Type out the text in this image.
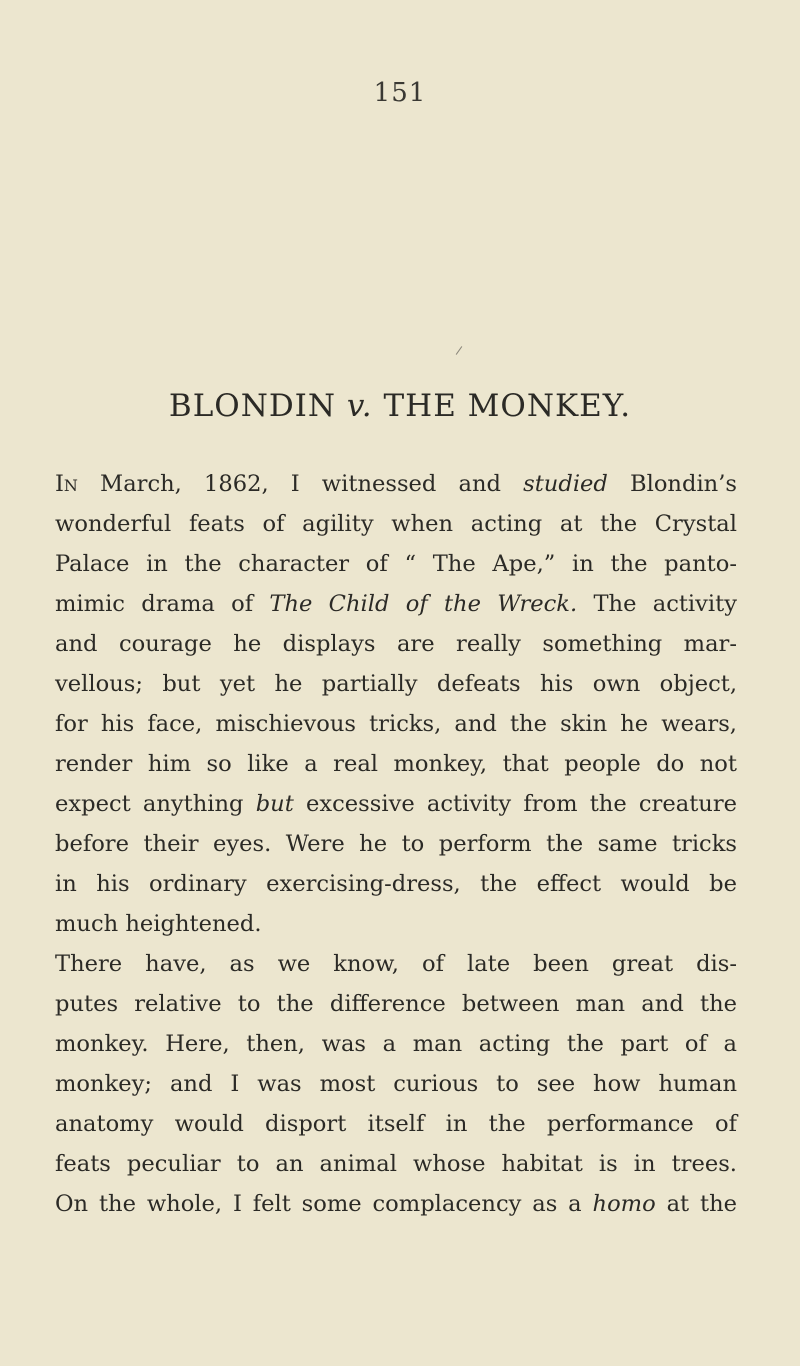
151
BLONDIN v. THE MONKEY.
In March, 1862, I witnessed and studied Blondin’s
wonderful feats of agility when acting at the Crystal
Palace in the character of “ The Ape,” in the panto-
mimic drama of The Child of the Wreck. The activity
and courage he displays are really something mar-
vellous; but yet he partially defeats his own object,
for his face, mischievous tricks, and the skin he wears,
render him so like a real monkey, that people do not
expect anything but excessive activity from the creature
before their eyes. Were he to perform the same tricks
in his ordinary exercising-dress, the effect would be
much heightened.
There have, as we know, of late been great dis-
putes relative to the difference between man and the
monkey. Here, then, was a man acting the part of a
monkey; and I was most curious to see how human
anatomy would disport itself in the performance of
feats peculiar to an animal whose habitat is in trees.
On the whole, I felt some complacency as a homo at the
